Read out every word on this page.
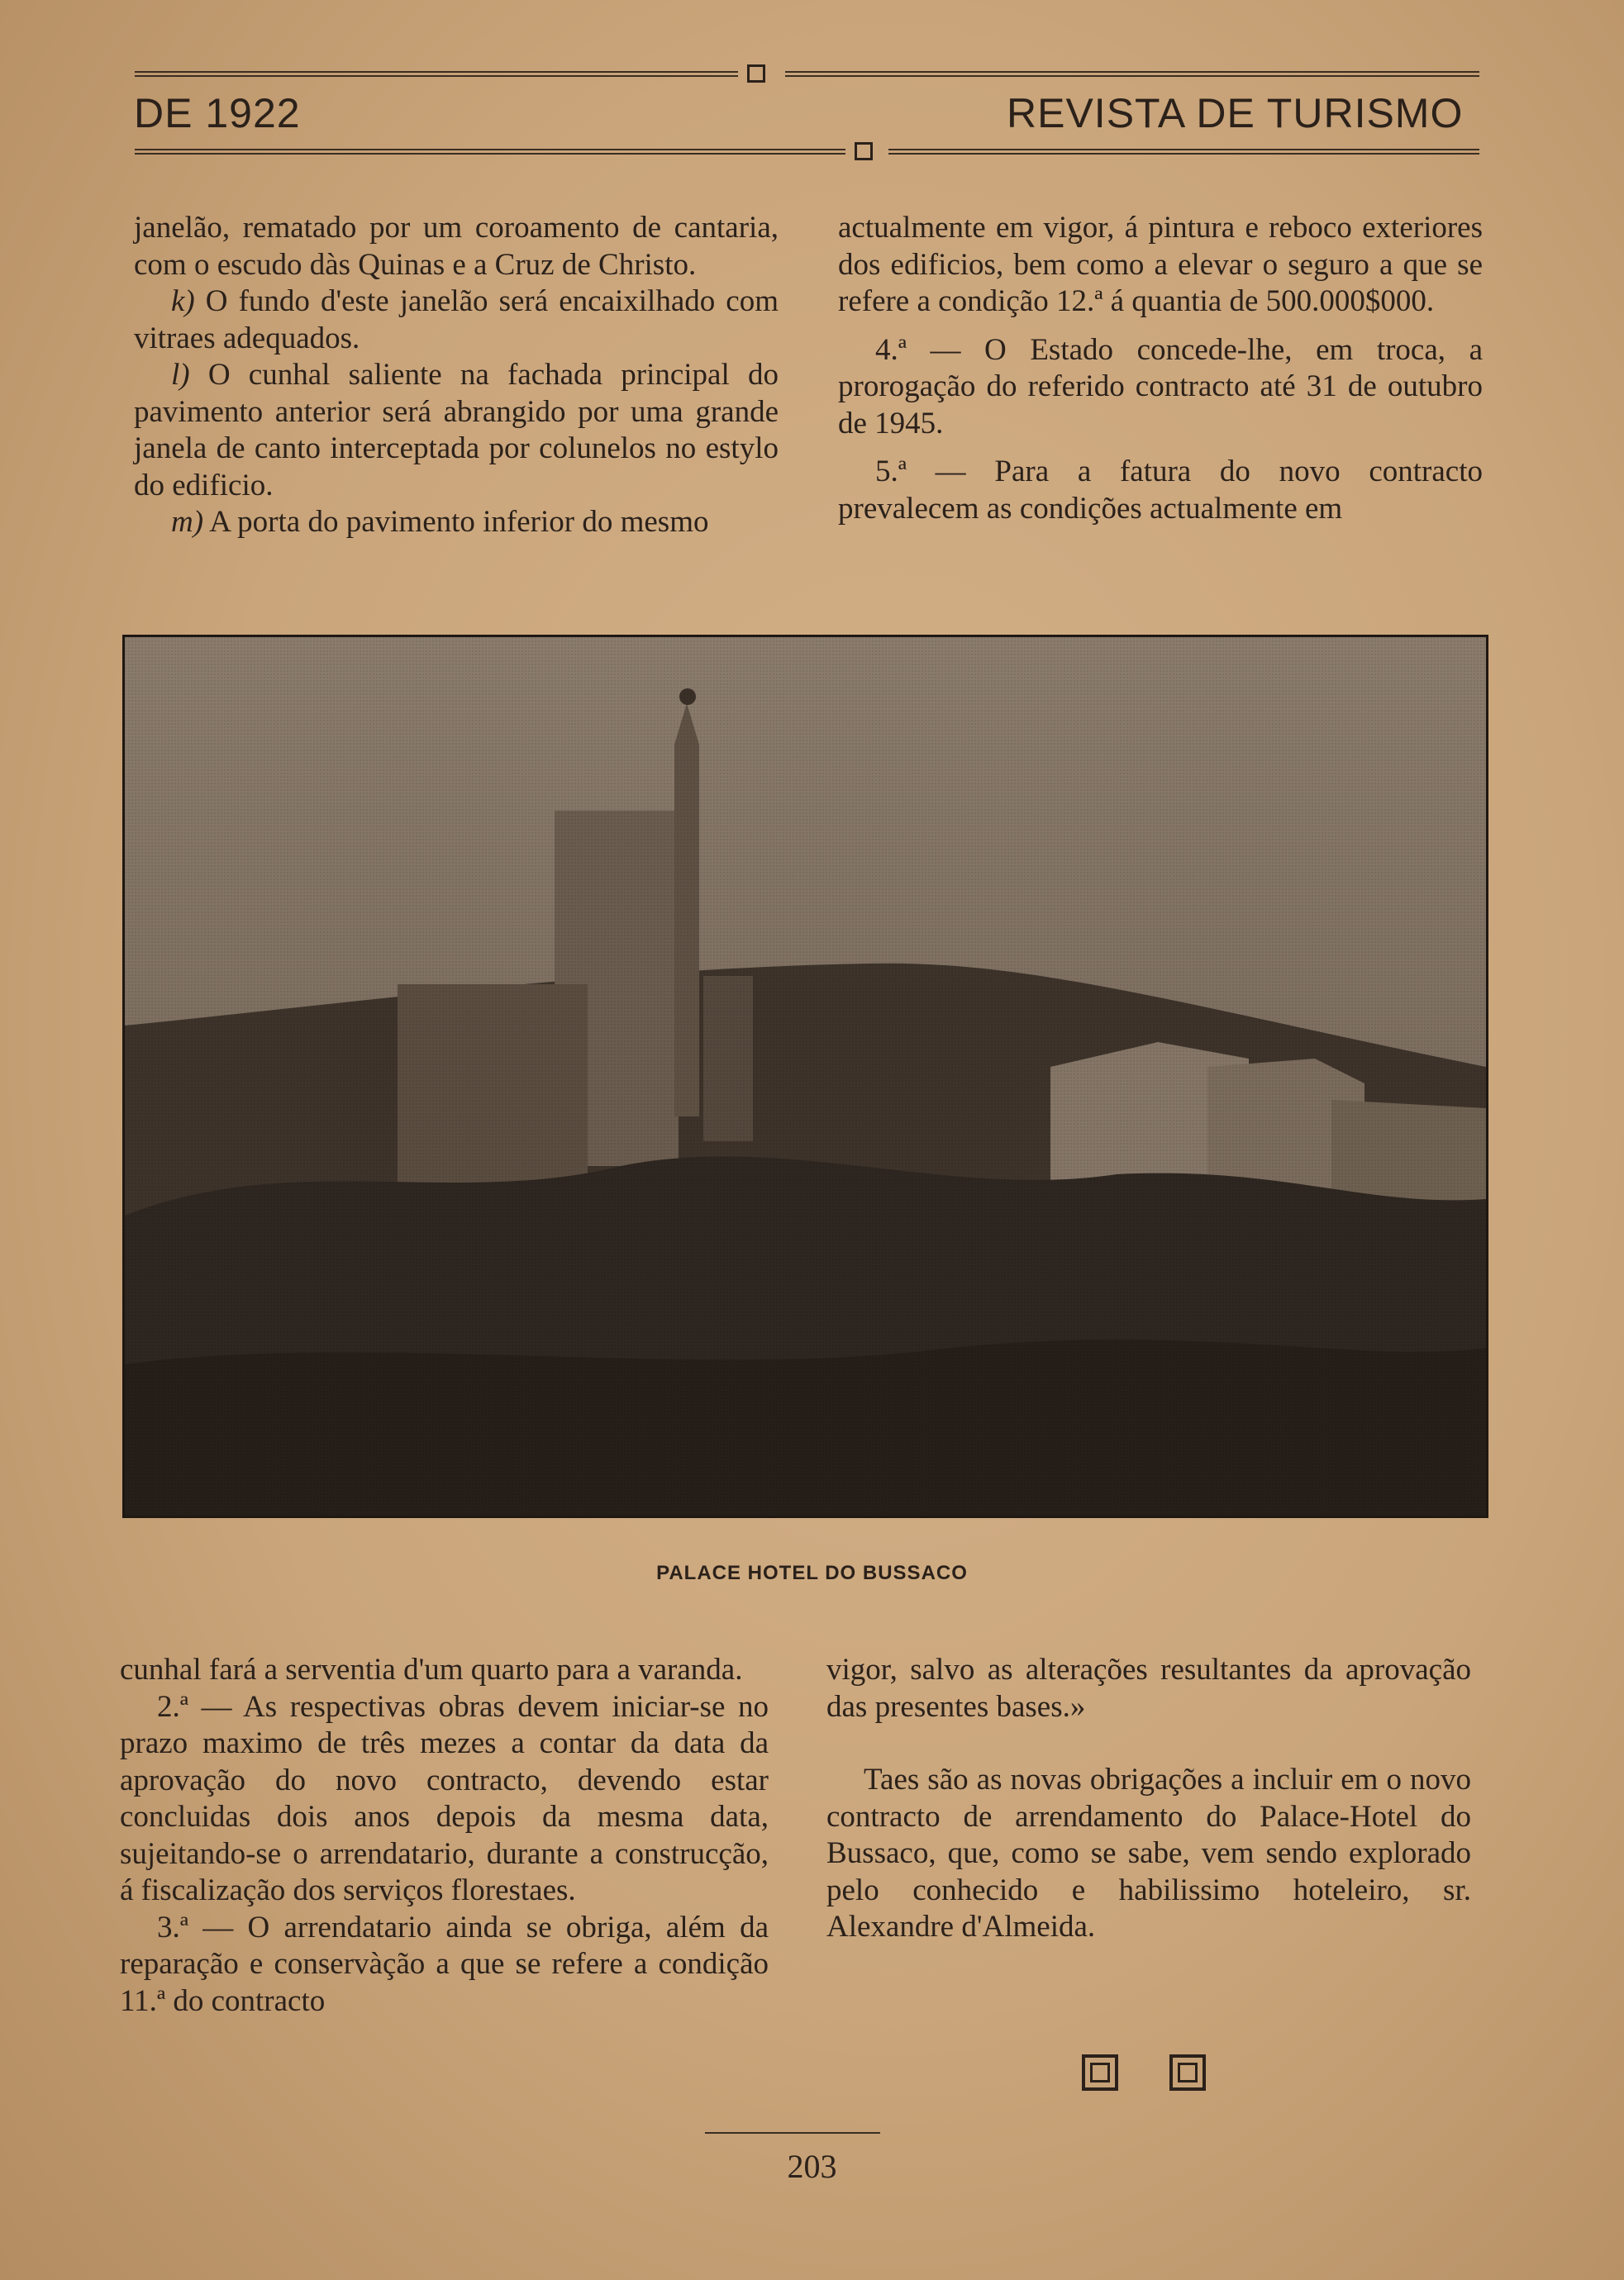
DE 1922	REVISTA DE TURISMO

janelão, rematado por um coroamento de cantaria, com o escudo dàs Quinas e a Cruz de Christo.

k) O fundo d'este janelão será encaixilhado com vitraes adequados.

l) O cunhal saliente na fachada principal do pavimento anterior será abrangido por uma grande janela de canto interceptada por colunelos no estylo do edificio.

m) A porta do pavimento inferior do mesmo

actualmente em vigor, á pintura e reboco exteriores dos edificios, bem como a elevar o seguro a que se refere a condição 12.ª á quantia de 500.000$000.

4.ª — O Estado concede-lhe, em troca, a prorogação do referido contracto até 31 de outubro de 1945.

5.ª — Para a fatura do novo contracto prevalecem as condições actualmente em

PALACE HOTEL DO BUSSACO

cunhal fará a serventia d'um quarto para a varanda.

2.ª — As respectivas obras devem iniciar-se no prazo maximo de três mezes a contar da data da aprovação do novo contracto, devendo estar concluidas dois anos depois da mesma data, sujeitando-se o arrendatario, durante a construcção, á fiscalização dos serviços florestaes.

3.ª — O arrendatario ainda se obriga, além da reparação e conservàção a que se refere a condição 11.ª do contracto

vigor, salvo as alterações resultantes da aprovação das presentes bases.»

Taes são as novas obrigações a incluir em o novo contracto de arrendamento do Palace-Hotel do Bussaco, que, como se sabe, vem sendo explorado pelo conhecido e habilissimo hoteleiro, sr. Alexandre d'Almeida.

203
